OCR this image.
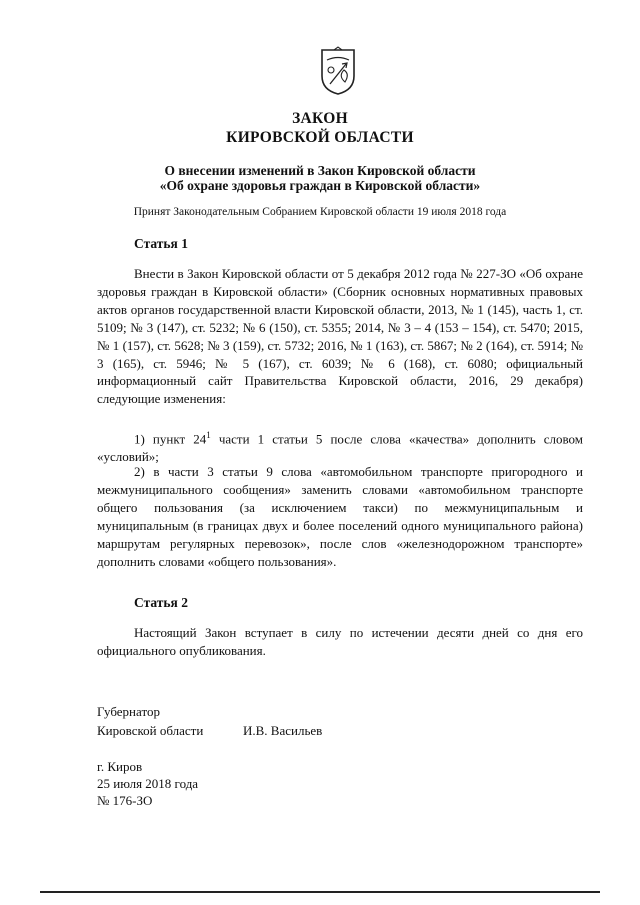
ЗАКОН
КИРОВСКОЙ ОБЛАСТИ
О внесении изменений в Закон Кировской области
«Об охране здоровья граждан в Кировской области»
Принят Законодательным Собранием Кировской области 19 июля 2018 года
Статья 1

Внести в Закон Кировской области от 5 декабря 2012 года № 227-ЗО «Об охране здоровья граждан в Кировской области» (Сборник основных нормативных правовых актов органов государственной власти Кировской области, 2013, № 1 (145), часть 1, ст. 5109; № 3 (147), ст. 5232; № 6 (150), ст. 5355; 2014, № 3 – 4 (153 – 154), ст. 5470; 2015, № 1 (157), ст. 5628; № 3 (159), ст. 5732; 2016, № 1 (163), ст. 5867; № 2 (164), ст. 5914; № 3 (165), ст. 5946; № 5 (167), ст. 6039; № 6 (168), ст. 6080; официальный информационный сайт Правительства Кировской области, 2016, 29 декабря) следующие изменения:

1) пункт $24^1$ части 1 статьи 5 после слова «качества» дополнить словом «условий»;

2) в части 3 статьи 9 слова «автомобильном транспорте пригородного и межмуниципального сообщения» заменить словами «автомобильном транспорте общего пользования (за исключением такси) по межмуниципальным и муниципальным (в границах двух и более поселений одного муниципального района) маршрутам регулярных перевозок», после слов «железнодорожном транспорте» дополнить словами «общего пользования».

Статья 2

Настоящий Закон вступает в силу по истечении десяти дней со дня его официального опубликования.

Губернатор
Кировской области	И.В. Васильев
г. Киров
25 июля 2018 года
№ 176-ЗО
